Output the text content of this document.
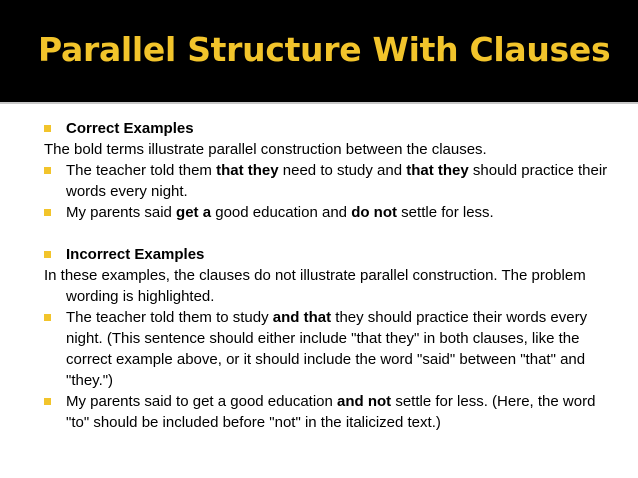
Parallel Structure With Clauses
Correct Examples
The bold terms illustrate parallel construction between the clauses.
The teacher told them that they need to study and that they should practice their words every night.
My parents said get a good education and do not settle for less.
Incorrect Examples
In these examples, the clauses do not illustrate parallel construction. The problem wording is highlighted.
The teacher told them to study and that they should practice their words every night. (This sentence should either include "that they" in both clauses, like the correct example above, or it should include the word "said" between "that" and "they.")
My parents said to get a good education and not settle for less. (Here, the word "to" should be included before "not" in the italicized text.)
